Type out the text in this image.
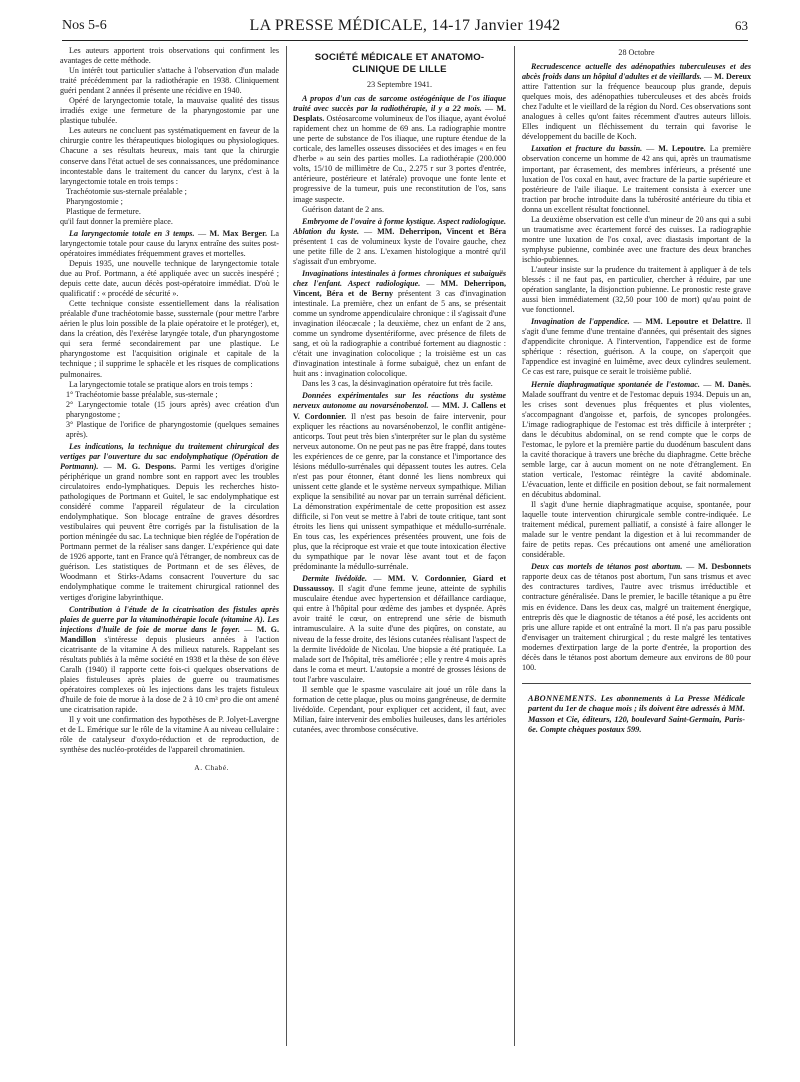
Nos 5-6	LA PRESSE MÉDICALE, 14-17 Janvier 1942	63

Les auteurs apportent trois observations qui confirment les avantages de cette méthode.

Un intérêt tout particulier s'attache à l'observation d'un malade traité précédemment par la radiothérapie en 1938. Cliniquement guéri pendant 2 années il présente une récidive en 1940.

Opéré de laryngectomie totale, la mauvaise qualité des tissus irradiés exige une fermeture de la pharyngostomie par une plastique tubulée.

Les auteurs ne concluent pas systématiquement en faveur de la chirurgie contre les thérapeutiques biologiques ou physiologiques. Chacune a ses résultats heureux, mais tant que la chirurgie conserve dans l'état actuel de ses connaissances, une prédominance incontestable dans le traitement du cancer du larynx, c'est à la laryngectomie totale en trois temps :

Trachéotomie sus-sternale préalable ;

Pharyngostomie ;

Plastique de fermeture.

qu'il faut donner la première place.

La laryngectomie totale en 3 temps. — M. Max Berger. La laryngectomie totale pour cause du larynx entraîne des suites post-opératoires immédiates fréquemment graves et mortelles.

Depuis 1935, une nouvelle technique de laryngectomie totale due au Prof. Portmann, a été appliquée avec un succès inespéré ; depuis cette date, aucun décès post-opératoire immédiat. D'où le qualificatif : « procédé de sécurité ».

Cette technique consiste essentiellement dans la réalisation préalable d'une trachéotomie basse, sussternale (pour mettre l'arbre aérien le plus loin possible de la plaie opératoire et le protéger), et, dans la création, dès l'exérèse laryngée totale, d'un pharyngostome qui sera fermé secondairement par une plastique. Le pharyngostome est l'acquisition originale et capitale de la technique ; il supprime le sphacèle et les risques de complications pulmonaires.

La laryngectomie totale se pratique alors en trois temps :

1° Trachéotomie basse préalable, sus-sternale ;

2° Laryngectomie totale (15 jours après) avec création d'un pharyngostome ;

3° Plastique de l'orifice de pharyngostomie (quelques semaines après).

Les indications, la technique du traitement chirurgical des vertiges par l'ouverture du sac endolymphatique (Opération de Portmann). — M. G. Despons. Parmi les vertiges d'origine périphérique un grand nombre sont en rapport avec les troubles circulatoires endo-lymphatiques. Depuis les recherches histo-pathologiques de Portmann et Guitel, le sac endolymphatique est considéré comme l'appareil régulateur de la circulation endolymphatique. Son blocage entraîne de graves désordres vestibulaires qui peuvent être corrigés par la fistulisation de la portion méningée du sac. La technique bien réglée de l'opération de Portmann permet de la réaliser sans danger. L'expérience qui date de 1926 apporte, tant en France qu'à l'étranger, de nombreux cas de guérison. Les statistiques de Portmann et de ses élèves, de Woodmann et Stirks-Adams consacrent l'ouverture du sac endolymphatique comme le traitement chirurgical rationnel des vertiges d'origine labyrinthique.

Contribution à l'étude de la cicatrisation des fistules après plaies de guerre par la vitaminothérapie locale (vitamine A). Les injections d'huile de foie de morue dans le foyer. — M. G. Mandillon s'intéresse depuis plusieurs années à l'action cicatrisante de la vitamine A des milieux naturels. Rappelant ses résultats publiés à la même société en 1938 et la thèse de son élève Caralh (1940) il rapporte cette fois-ci quelques observations de plaies fistuleuses après plaies de guerre ou traumatismes opératoires complexes où les injections dans les trajets fistuleux d'huile de foie de morue à la dose de 2 à 10 cm³ pro die ont amené une cicatrisation rapide.

Il y voit une confirmation des hypothèses de P. Jolyet-Lavergne et de L. Emérique sur le rôle de la vitamine A au niveau cellulaire : rôle de catalyseur d'oxydo-réduction et de reproduction, de synthèse des nucléo-protéides de l'appareil chromatinien.

A. Chabé.
SOCIÉTÉ MÉDICALE ET ANATOMO-CLINIQUE DE LILLE
23 Septembre 1941.

A propos d'un cas de sarcome ostéogénique de l'os iliaque traité avec succès par la radiothérapie, il y a 22 mois. — M. Desplats. Ostéosarcome volumineux de l'os iliaque, ayant évolué rapidement chez un homme de 69 ans. La radiographie montre une perte de substance de l'os iliaque, une rupture étendue de la corticale, des lamelles osseuses dissociées et des images « en feu d'herbe » au sein des parties molles. La radiothérapie (200.000 volts, 15/10 de millimètre de Cu., 2.275 r sur 3 portes d'entrée, antérieure, postérieure et latérale) provoque une fonte lente et progressive de la tumeur, puis une reconstitution de l'os, sans image suspecte.

Guérison datant de 2 ans.

Embryome de l'ovaire à forme kystique. Aspect radiologique. Ablation du kyste. — MM. Deherripon, Vincent et Béra présentent 1 cas de volumineux kyste de l'ovaire gauche, chez une petite fille de 2 ans. L'examen histologique a montré qu'il s'agissait d'un embryome.

Invaginations intestinales à formes chroniques et subaiguës chez l'enfant. Aspect radiologique. — MM. Deherripon, Vincent, Béra et de Berny présentent 3 cas d'invagination intestinale. La première, chez un enfant de 5 ans, se présentait comme un syndrome appendiculaire chronique : il s'agissait d'une invagination iléocæcale ; la deuxième, chez un enfant de 2 ans, comme un syndrome dysentériforme, avec présence de filets de sang, et où la radiographie a contribué fortement au diagnostic : c'était une invagination colocolique ; la troisième est un cas d'invagination intestinale à forme subaiguë, chez un enfant de huit ans : invagination colocolique.

Dans les 3 cas, la désinvagination opératoire fut très facile.

Données expérimentales sur les réactions du système nerveux autonome au novarsénobenzol. — MM. J. Callens et V. Cordonnier. Il n'est pas besoin de faire intervenir, pour expliquer les réactions au novarsénobenzol, le conflit antigène-anticorps. Tout peut très bien s'interpréter sur le plan du système nerveux autonome. On ne peut pas ne pas être frappé, dans toutes les expériences de ce genre, par la constance et l'importance des lésions médullo-surrénales qui dépassent toutes les autres. Cela n'est pas pour étonner, étant donné les liens nombreux qui unissent cette glande et le système nerveux sympathique. Milian explique la sensibilité au novar par un terrain surrénal déficient. La démonstration expérimentale de cette proposition est assez difficile, si l'on veut se mettre à l'abri de toute critique, tant sont étroits les liens qui unissent sympathique et médullo-surrénale. En tous cas, les expériences présentées prouvent, une fois de plus, que la réciproque est vraie et que toute intoxication élective du sympathique par le novar lèse avant tout et de façon prédominante la médullo-surrénale.

Dermite livédoïde. — MM. V. Cordonnier, Giard et Dussaussoy. Il s'agit d'une femme jeune, atteinte de syphilis musculaire étendue avec hypertension et défaillance cardiaque, qui entre à l'hôpital pour œdème des jambes et dyspnée. Après avoir traité le cœur, on entreprend une série de bismuth intramusculaire. A la suite d'une des piqûres, on constate, au niveau de la fesse droite, des lésions cutanées réalisant l'aspect de la dermite livédoïde de Nicolau. Une biopsie a été pratiquée. La malade sort de l'hôpital, très améliorée ; elle y rentre 4 mois après dans le coma et meurt. L'autopsie a montré de grosses lésions de tout l'arbre vasculaire.

Il semble que le spasme vasculaire ait joué un rôle dans la formation de cette plaque, plus ou moins gangréneuse, de dermite livédoïde. Cependant, pour expliquer cet accident, il faut, avec Milian, faire intervenir des embolies huileuses, dans les artérioles cutanées, avec thrombose consécutive.

28 Octobre

Recrudescence actuelle des adénopathies tuberculeuses et des abcès froids dans un hôpital d'adultes et de vieillards. — M. Dereux attire l'attention sur la fréquence beaucoup plus grande, depuis quelques mois, des adénopathies tuberculeuses et des abcès froids chez l'adulte et le vieillard de la région du Nord. Ces observations sont analogues à celles qu'ont faites récemment d'autres auteurs lillois. Elles indiquent un fléchissement du terrain qui favorise le développement du bacille de Koch.

Luxation et fracture du bassin. — M. Lepoutre. La première observation concerne un homme de 42 ans qui, après un traumatisme important, par écrasement, des membres inférieurs, a présenté une luxation de l'os coxal en haut, avec fracture de la partie supérieure et postérieure de l'aile iliaque. Le traitement consista à exercer une traction par broche introduite dans la tubérosité antérieure du tibia et donna un excellent résultat fonctionnel.

La deuxième observation est celle d'un mineur de 20 ans qui a subi un traumatisme avec écartement forcé des cuisses. La radiographie montre une luxation de l'os coxal, avec diastasis important de la symphyse pubienne, combinée avec une fracture des deux branches ischio-pubiennes.

L'auteur insiste sur la prudence du traitement à appliquer à de tels blessés : il ne faut pas, en particulier, chercher à réduire, par une opération sanglante, la disjonction pubienne. Le pronostic reste grave aussi bien immédiatement (32,50 pour 100 de mort) qu'au point de vue fonctionnel.

Invagination de l'appendice. — MM. Lepoutre et Delattre. Il s'agit d'une femme d'une trentaine d'années, qui présentait des signes d'appendicite chronique. A l'intervention, l'appendice est de forme sphérique : résection, guérison. A la coupe, on s'aperçoit que l'appendice est invaginé en luimême, avec deux cylindres seulement. Ce cas est rare, puisque ce serait le troisième publié.

Hernie diaphragmatique spontanée de l'estomac. — M. Danès. Malade souffrant du ventre et de l'estomac depuis 1934. Depuis un an, les crises sont devenues plus fréquentes et plus violentes, s'accompagnant d'angoisse et, parfois, de syncopes prolongées. L'image radiographique de l'estomac est très difficile à interpréter ; dans le décubitus abdominal, on se rend compte que le corps de l'estomac, le pylore et la première partie du duodénum basculent dans la cavité thoracique à travers une brèche du diaphragme. Cette brèche semble large, car à aucun moment on ne note d'étranglement. En station verticale, l'estomac réintègre la cavité abdominale. L'évacuation, lente et difficile en position debout, se fait normalement en décubitus abdominal.

Il s'agit d'une hernie diaphragmatique acquise, spontanée, pour laquelle toute intervention chirurgicale semble contre-indiquée. Le traitement médical, purement palliatif, a consisté à faire allonger le malade sur le ventre pendant la digestion et à lui recommander de faire de petits repas. Ces précautions ont amené une amélioration considérable.

Deux cas mortels de tétanos post abortum. — M. Desbonnets rapporte deux cas de tétanos post abortum, l'un sans trismus et avec des contractures tardives, l'autre avec trismus irréductible et contracture généralisée. Dans le premier, le bacille tétanique a pu être mis en évidence. Dans les deux cas, malgré un traitement énergique, entrepris dès que le diagnostic de tétanos a été posé, les accidents ont pris une allure rapide et ont entraîné la mort. Il n'a pas paru possible d'envisager un traitement chirurgical ; du reste malgré les tentatives modernes d'extirpation large de la porte d'entrée, la proportion des décès dans le tétanos post abortum demeure aux environs de 80 pour 100.

ABONNEMENTS. Les abonnements à La Presse Médicale partent du 1er de chaque mois ; ils doivent être adressés à MM. Masson et Cie, éditeurs, 120, boulevard Saint-Germain, Paris-6e. Compte chèques postaux 599.
